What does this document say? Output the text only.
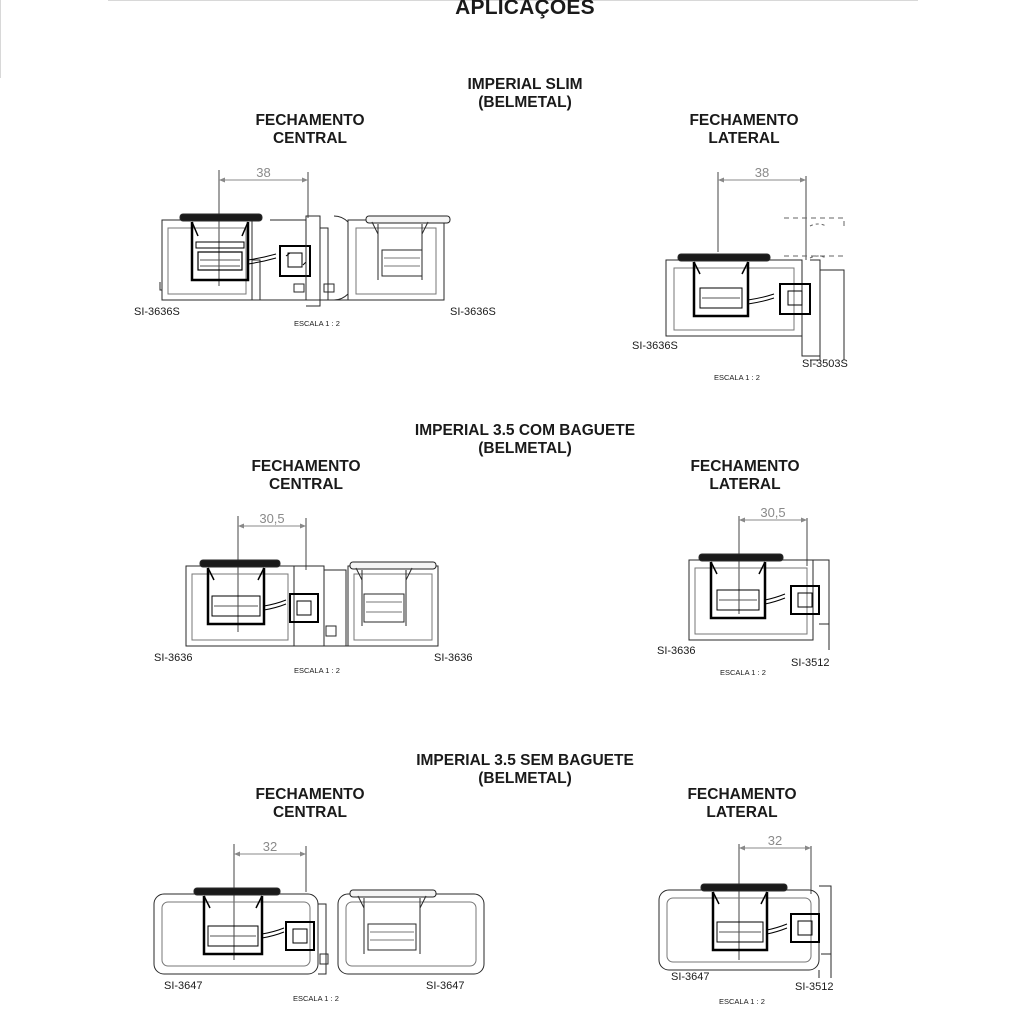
APLICAÇOES
IMPERIAL SLIM
(BELMETAL)
FECHAMENTO
CENTRAL
FECHAMENTO
LATERAL
38
SI-3636S	SI-3636S
ESCALA 1 : 2
38
SI-3636S
SI-3503S
ESCALA 1 : 2
IMPERIAL 3.5 COM BAGUETE
(BELMETAL)
FECHAMENTO
CENTRAL
FECHAMENTO
LATERAL
30,5
SI-3636	SI-3636
ESCALA 1 : 2
30,5
SI-3636
SI-3512
ESCALA 1 : 2
IMPERIAL 3.5 SEM BAGUETE
(BELMETAL)
FECHAMENTO
CENTRAL
FECHAMENTO
LATERAL
32
SI-3647	SI-3647
ESCALA 1 : 2
32
SI-3647
SI-3512
ESCALA 1 : 2
